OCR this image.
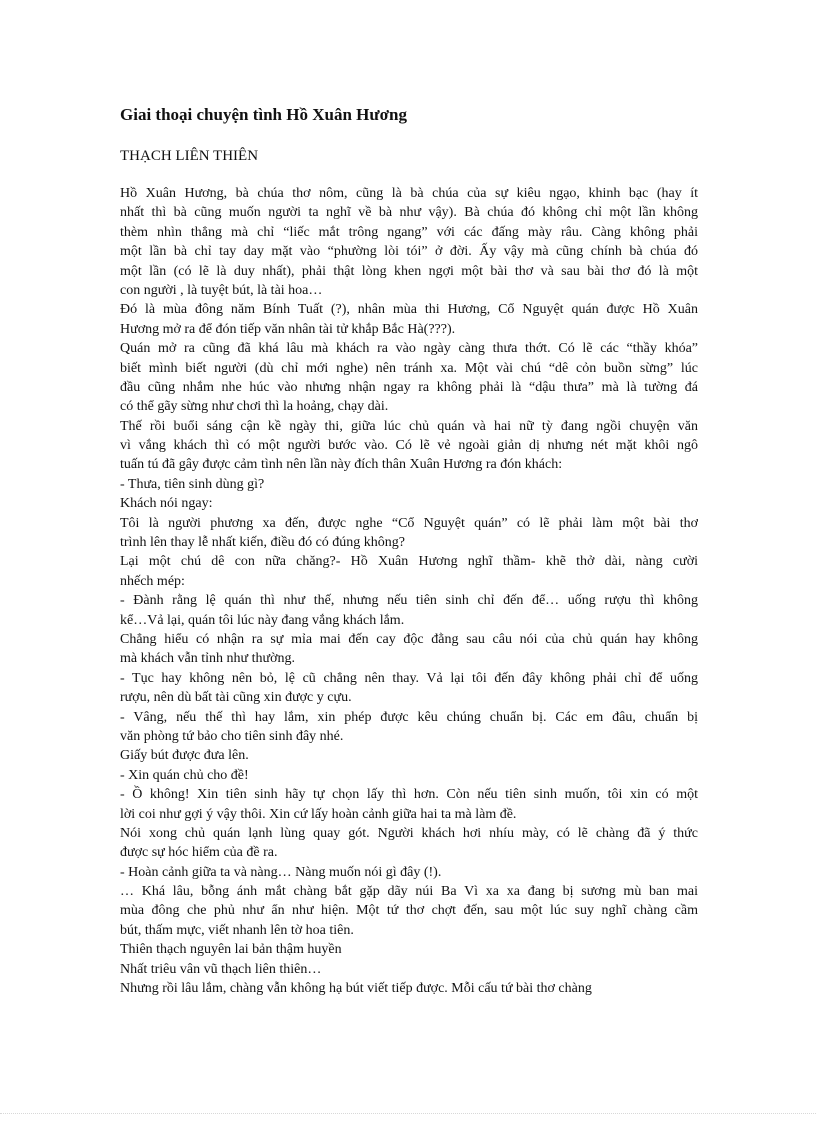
Giai thoại chuyện tình Hồ Xuân Hương
THẠCH LIÊN THIÊN
Hồ Xuân Hương, bà chúa thơ nôm, cũng là bà chúa của sự kiêu ngạo, khinh bạc (hay ít
nhất thì bà cũng muốn người ta nghĩ về bà như vậy). Bà chúa đó không chỉ một lần không
thèm nhìn thẳng mà chỉ “liếc mắt trông ngang” với các đấng mày râu. Càng không phải
một lần bà chỉ tay day mặt vào “phường lòi tói” ở đời. Ấy vậy mà cũng chính bà chúa đó
một lần (có lẽ là duy nhất), phải thật lòng khen ngợi một bài thơ và sau bài thơ đó là một
con người , là tuyệt bút, là tài hoa…
Đó là mùa đông năm Bính Tuất (?), nhân mùa thi Hương, Cổ Nguyệt quán được Hồ Xuân
Hương mở ra để đón tiếp văn nhân tài tử khắp Bắc Hà(???).
Quán mở ra cũng đã khá lâu mà khách ra vào ngày càng thưa thớt. Có lẽ các “thầy khóa”
biết mình biết người (dù chỉ mới nghe) nên tránh xa. Một vài chú “dê cỏn buồn sừng” lúc
đầu cũng nhắm nhe húc vào nhưng nhận ngay ra không phải là “dậu thưa” mà là tường đá
có thể gãy sừng như chơi thì la hoảng, chạy dài.
Thế rồi buổi sáng cận kề ngày thi, giữa lúc chủ quán và hai nữ tỳ đang ngồi chuyện văn
vì vắng khách thì có một người bước vào. Có lẽ vẻ ngoài giản dị nhưng nét mặt khôi ngô
tuấn tú đã gây được cảm tình nên lần này đích thân Xuân Hương ra đón khách:
- Thưa, tiên sinh dùng gì?
Khách nói ngay:
Tôi là người phương xa đến, được nghe “Cổ Nguyệt quán” có lẽ phải làm một bài thơ
trình lên thay lễ nhất kiến, điều đó có đúng không?
Lại một chú dê con nữa chăng?- Hồ Xuân Hương nghĩ thầm- khẽ thở dài, nàng cười
nhếch mép:
- Đành rằng lệ quán thì như thế, nhưng nếu tiên sinh chỉ đến để… uống rượu thì không
kể…Vả lại, quán tôi lúc này đang vắng khách lắm.
Chẳng hiểu có nhận ra sự mỉa mai đến cay độc đằng sau câu nói của chủ quán hay không
mà khách vẫn tỉnh như thường.
- Tục hay không nên bỏ, lệ cũ chẳng nên thay. Vả lại tôi đến đây không phải chỉ để uống
rượu, nên dù bất tài cũng xin được y cựu.
- Vâng, nếu thế thì hay lắm, xin phép được kêu chúng chuẩn bị. Các em đâu, chuẩn bị
văn phòng tứ bảo cho tiên sinh đây nhé.
Giấy bút được đưa lên.
- Xin quán chủ cho đề!
- Ồ không! Xin tiên sinh hãy tự chọn lấy thì hơn. Còn nếu tiên sinh muốn, tôi xin có một
lời coi như gợi ý vậy thôi. Xin cứ lấy hoàn cảnh giữa hai ta mà làm đề.
Nói xong chủ quán lạnh lùng quay gót. Người khách hơi nhíu mày, có lẽ chàng đã ý thức
được sự hóc hiểm của đề ra.
- Hoàn cảnh giữa ta và nàng… Nàng muốn nói gì đây (!).
… Khá lâu, bỗng ánh mắt chàng bắt gặp dãy núi Ba Vì xa xa đang bị sương mù ban mai
mùa đông che phủ như ẩn như hiện. Một tứ thơ chợt đến, sau một lúc suy nghĩ chàng cầm
bút, thấm mực, viết nhanh lên tờ hoa tiên.
Thiên thạch nguyên lai bản thậm huyền
Nhất triêu vân vũ thạch liên thiên…
Nhưng rồi lâu lắm, chàng vẫn không hạ bút viết tiếp được. Mỗi cấu tứ bài thơ chàng
